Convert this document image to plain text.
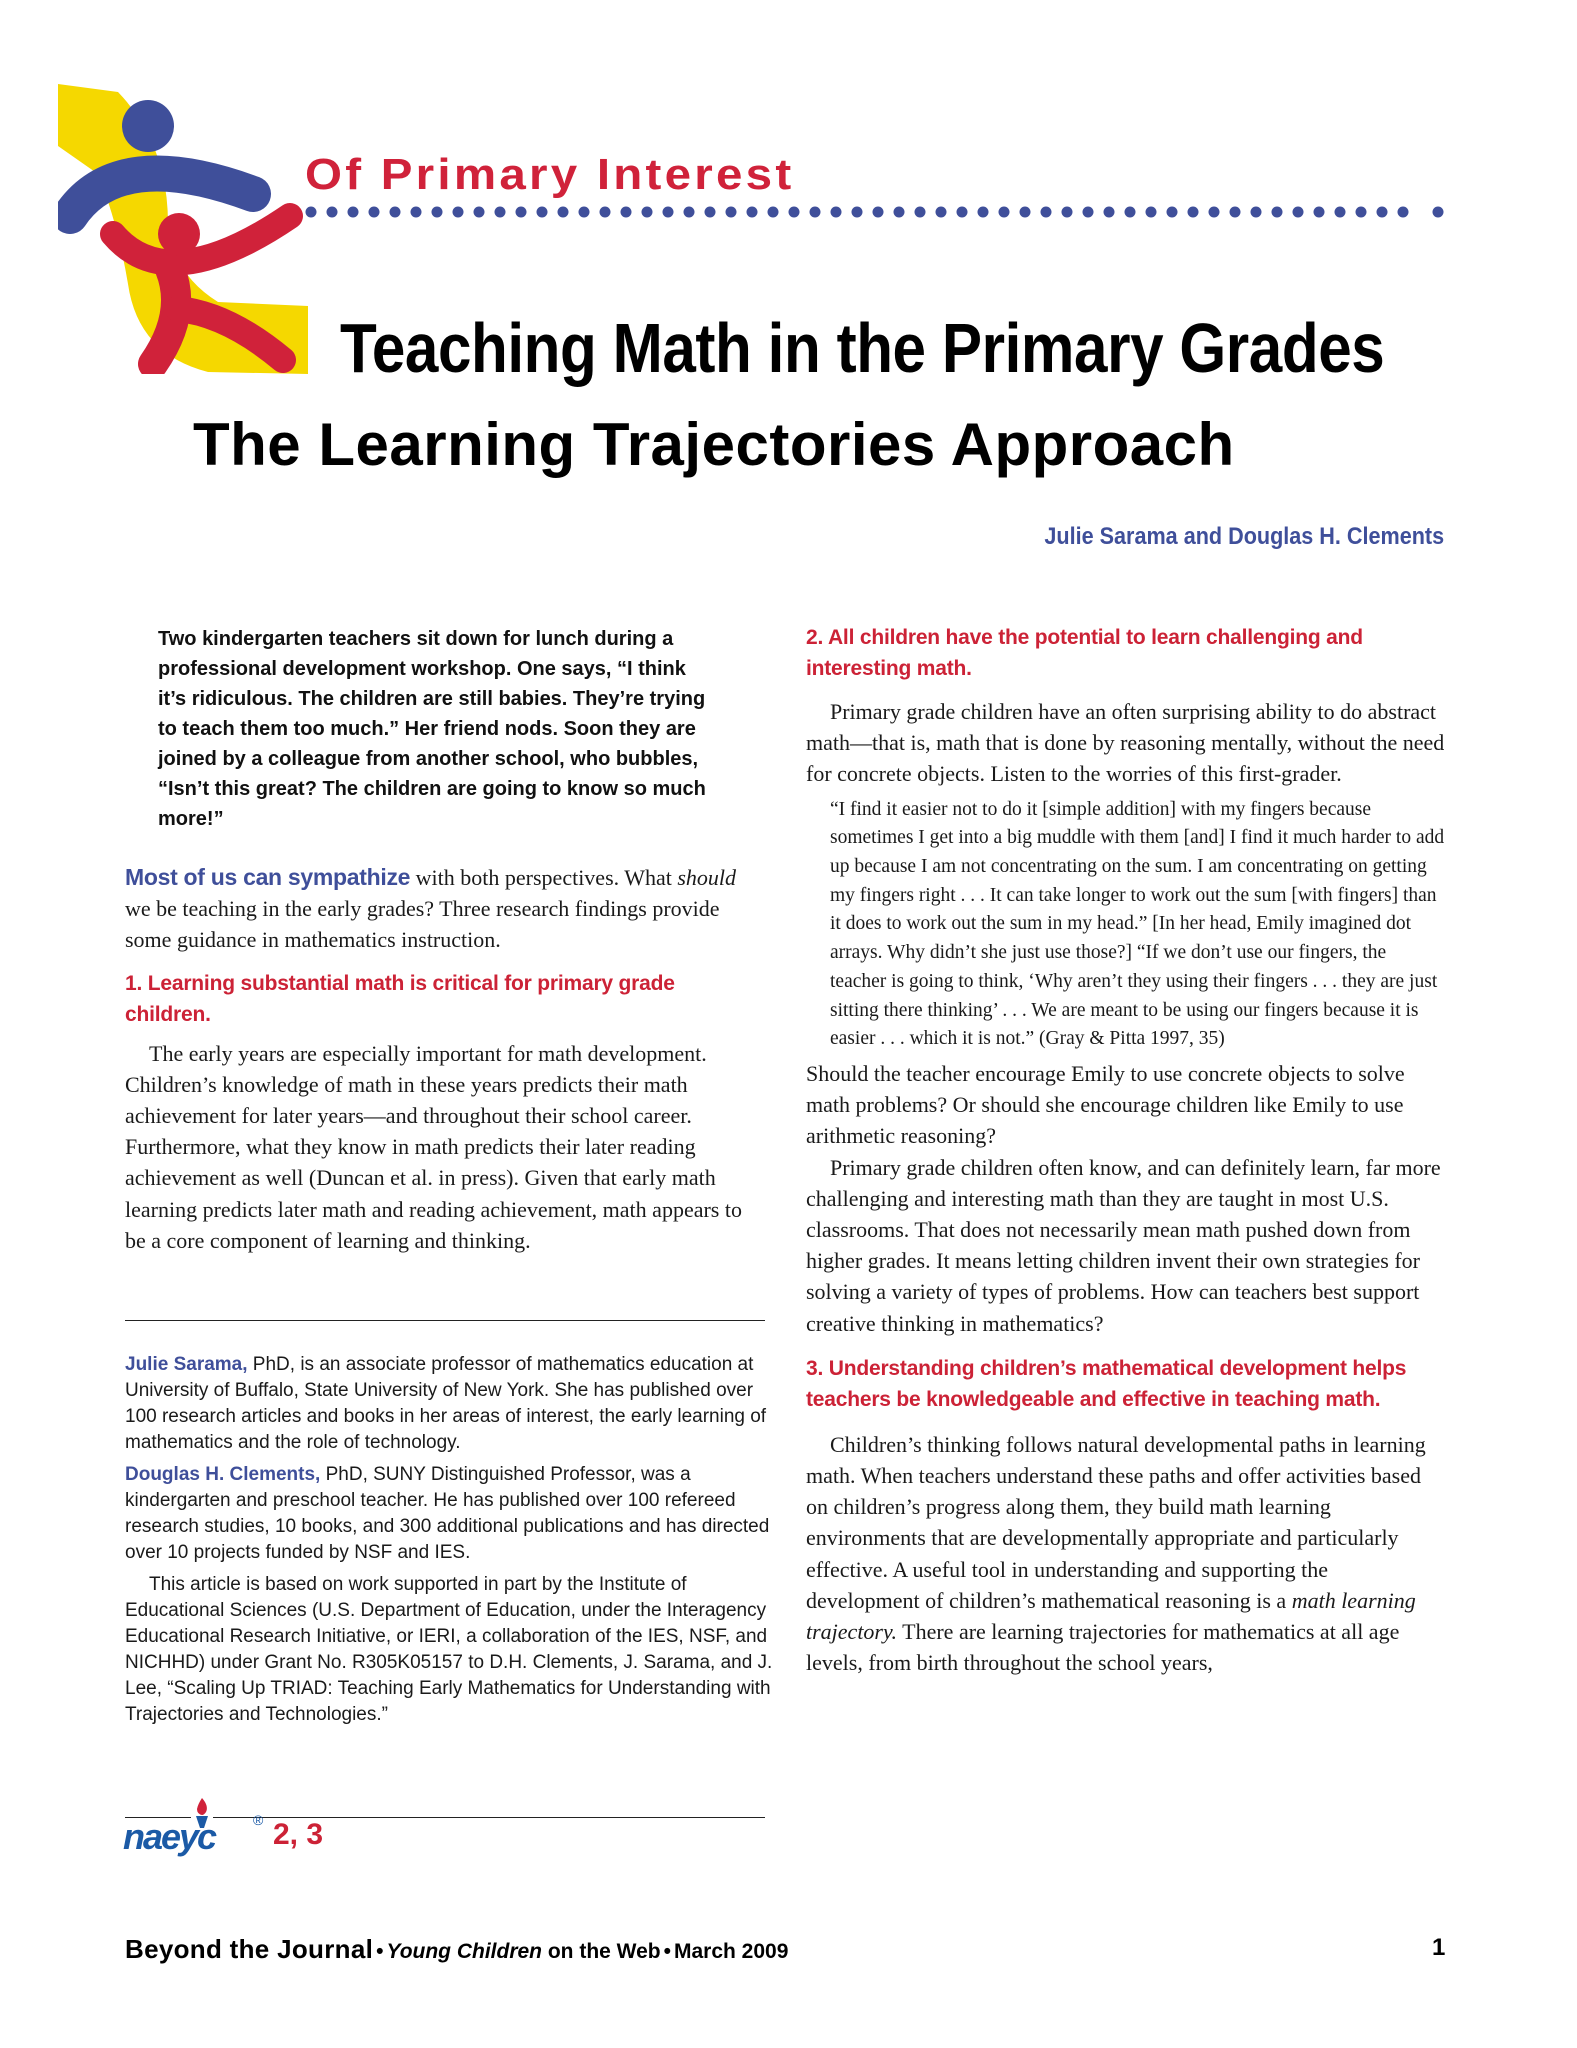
Of Primary Interest
Teaching Math in the Primary Grades
The Learning Trajectories Approach
Julie Sarama and Douglas H. Clements
Two kindergarten teachers sit down for lunch during a professional development workshop. One says, “I think it’s ridiculous. The children are still babies. They’re trying to teach them too much.” Her friend nods. Soon they are joined by a colleague from another school, who bubbles, “Isn’t this great? The children are going to know so much more!”

Most of us can sympathize with both perspectives. What should we be teaching in the early grades? Three research findings provide some guidance in mathematics instruction.

1. Learning substantial math is critical for primary grade children.

The early years are especially important for math development. Children’s knowledge of math in these years predicts their math achievement for later years—and throughout their school career. Furthermore, what they know in math predicts their later reading achievement as well (Duncan et al. in press). Given that early math learning predicts later math and reading achievement, math appears to be a core component of learning and thinking.

Julie Sarama, PhD, is an associate professor of mathematics education at University of Buffalo, State University of New York. She has published over 100 research articles and books in her areas of interest, the early learning of mathematics and the role of technology.

Douglas H. Clements, PhD, SUNY Distinguished Professor, was a kindergarten and preschool teacher. He has published over 100 refereed research studies, 10 books, and 300 additional publications and has directed over 10 projects funded by NSF and IES.

This article is based on work supported in part by the Institute of Educational Sciences (U.S. Department of Education, under the Interagency Educational Research Initiative, or IERI, a collaboration of the IES, NSF, and NICHHD) under Grant No. R305K05157 to D.H. Clements, J. Sarama, and J. Lee, “Scaling Up TRIAD: Teaching Early Mathematics for Understanding with Trajectories and Technologies.”

naeyc	® 2, 3
2. All children have the potential to learn challenging and interesting math.

Primary grade children have an often surprising ability to do abstract math—that is, math that is done by reasoning mentally, without the need for concrete objects. Listen to the worries of this first-grader.

“I find it easier not to do it [simple addition] with my fingers because sometimes I get into a big muddle with them [and] I find it much harder to add up because I am not concentrating on the sum. I am concentrating on getting my fingers right . . . It can take longer to work out the sum [with fingers] than it does to work out the sum in my head.” [In her head, Emily imagined dot arrays. Why didn’t she just use those?] “If we don’t use our fingers, the teacher is going to think, ‘Why aren’t they using their fingers . . . they are just sitting there thinking’ . . . We are meant to be using our fingers because it is easier . . . which it is not.” (Gray & Pitta 1997, 35)

Should the teacher encourage Emily to use concrete objects to solve math problems? Or should she encourage children like Emily to use arithmetic reasoning?

Primary grade children often know, and can definitely learn, far more challenging and interesting math than they are taught in most U.S. classrooms. That does not necessarily mean math pushed down from higher grades. It means letting children invent their own strategies for solving a variety of types of problems. How can teachers best support creative thinking in mathematics?

3. Understanding children’s mathematical development helps teachers be knowledgeable and effective in teaching math.

Children’s thinking follows natural developmental paths in learning math. When teachers understand these paths and offer activities based on children’s progress along them, they build math learning environments that are developmentally appropriate and particularly effective. A useful tool in understanding and supporting the development of children’s mathematical reasoning is a math learning trajectory. There are learning trajectories for mathematics at all age levels, from birth throughout the school years,

Beyond the Journal • Young Children on the Web • March 2009	1
